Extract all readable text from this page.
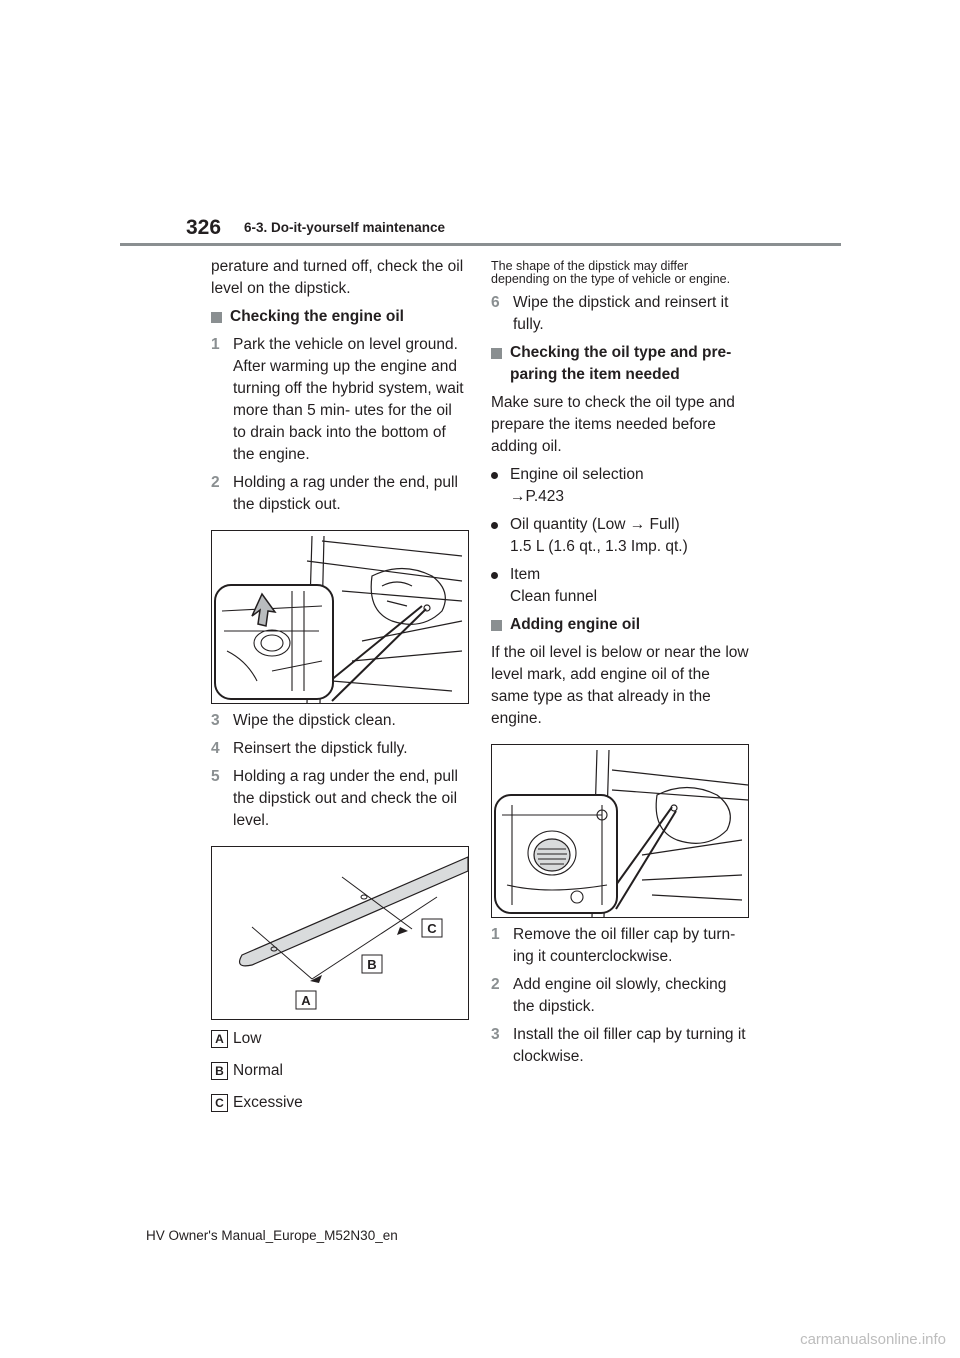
326 6-3. Do-it-yourself maintenance

perature and turned off, check the oil level on the dipstick.

Checking the engine oil

1 Park the vehicle on level ground. After warming up the engine and turning off the hybrid system, wait more than 5 min- utes for the oil to drain back into the bottom of the engine.

2 Holding a rag under the end, pull the dipstick out.

3 Wipe the dipstick clean.

4 Reinsert the dipstick fully.

5 Holding a rag under the end, pull the dipstick out and check the oil level.

C
B
A

A Low

B Normal

C Excessive

The shape of the dipstick may differ depending on the type of vehicle or engine.

6 Wipe the dipstick and reinsert it fully.

Checking the oil type and pre- paring the item needed

Make sure to check the oil type and prepare the items needed before adding oil.

Engine oil selection
→P.423
Oil quantity (Low → Full)
1.5 L (1.6 qt., 1.3 Imp. qt.)
Item
Clean funnel

Adding engine oil

If the oil level is below or near the low level mark, add engine oil of the same type as that already in the engine.

1 Remove the oil filler cap by turn- ing it counterclockwise.

2 Add engine oil slowly, checking the dipstick.

3 Install the oil filler cap by turning it clockwise.

HV Owner's Manual_Europe_M52N30_en
carmanualsonline.info
